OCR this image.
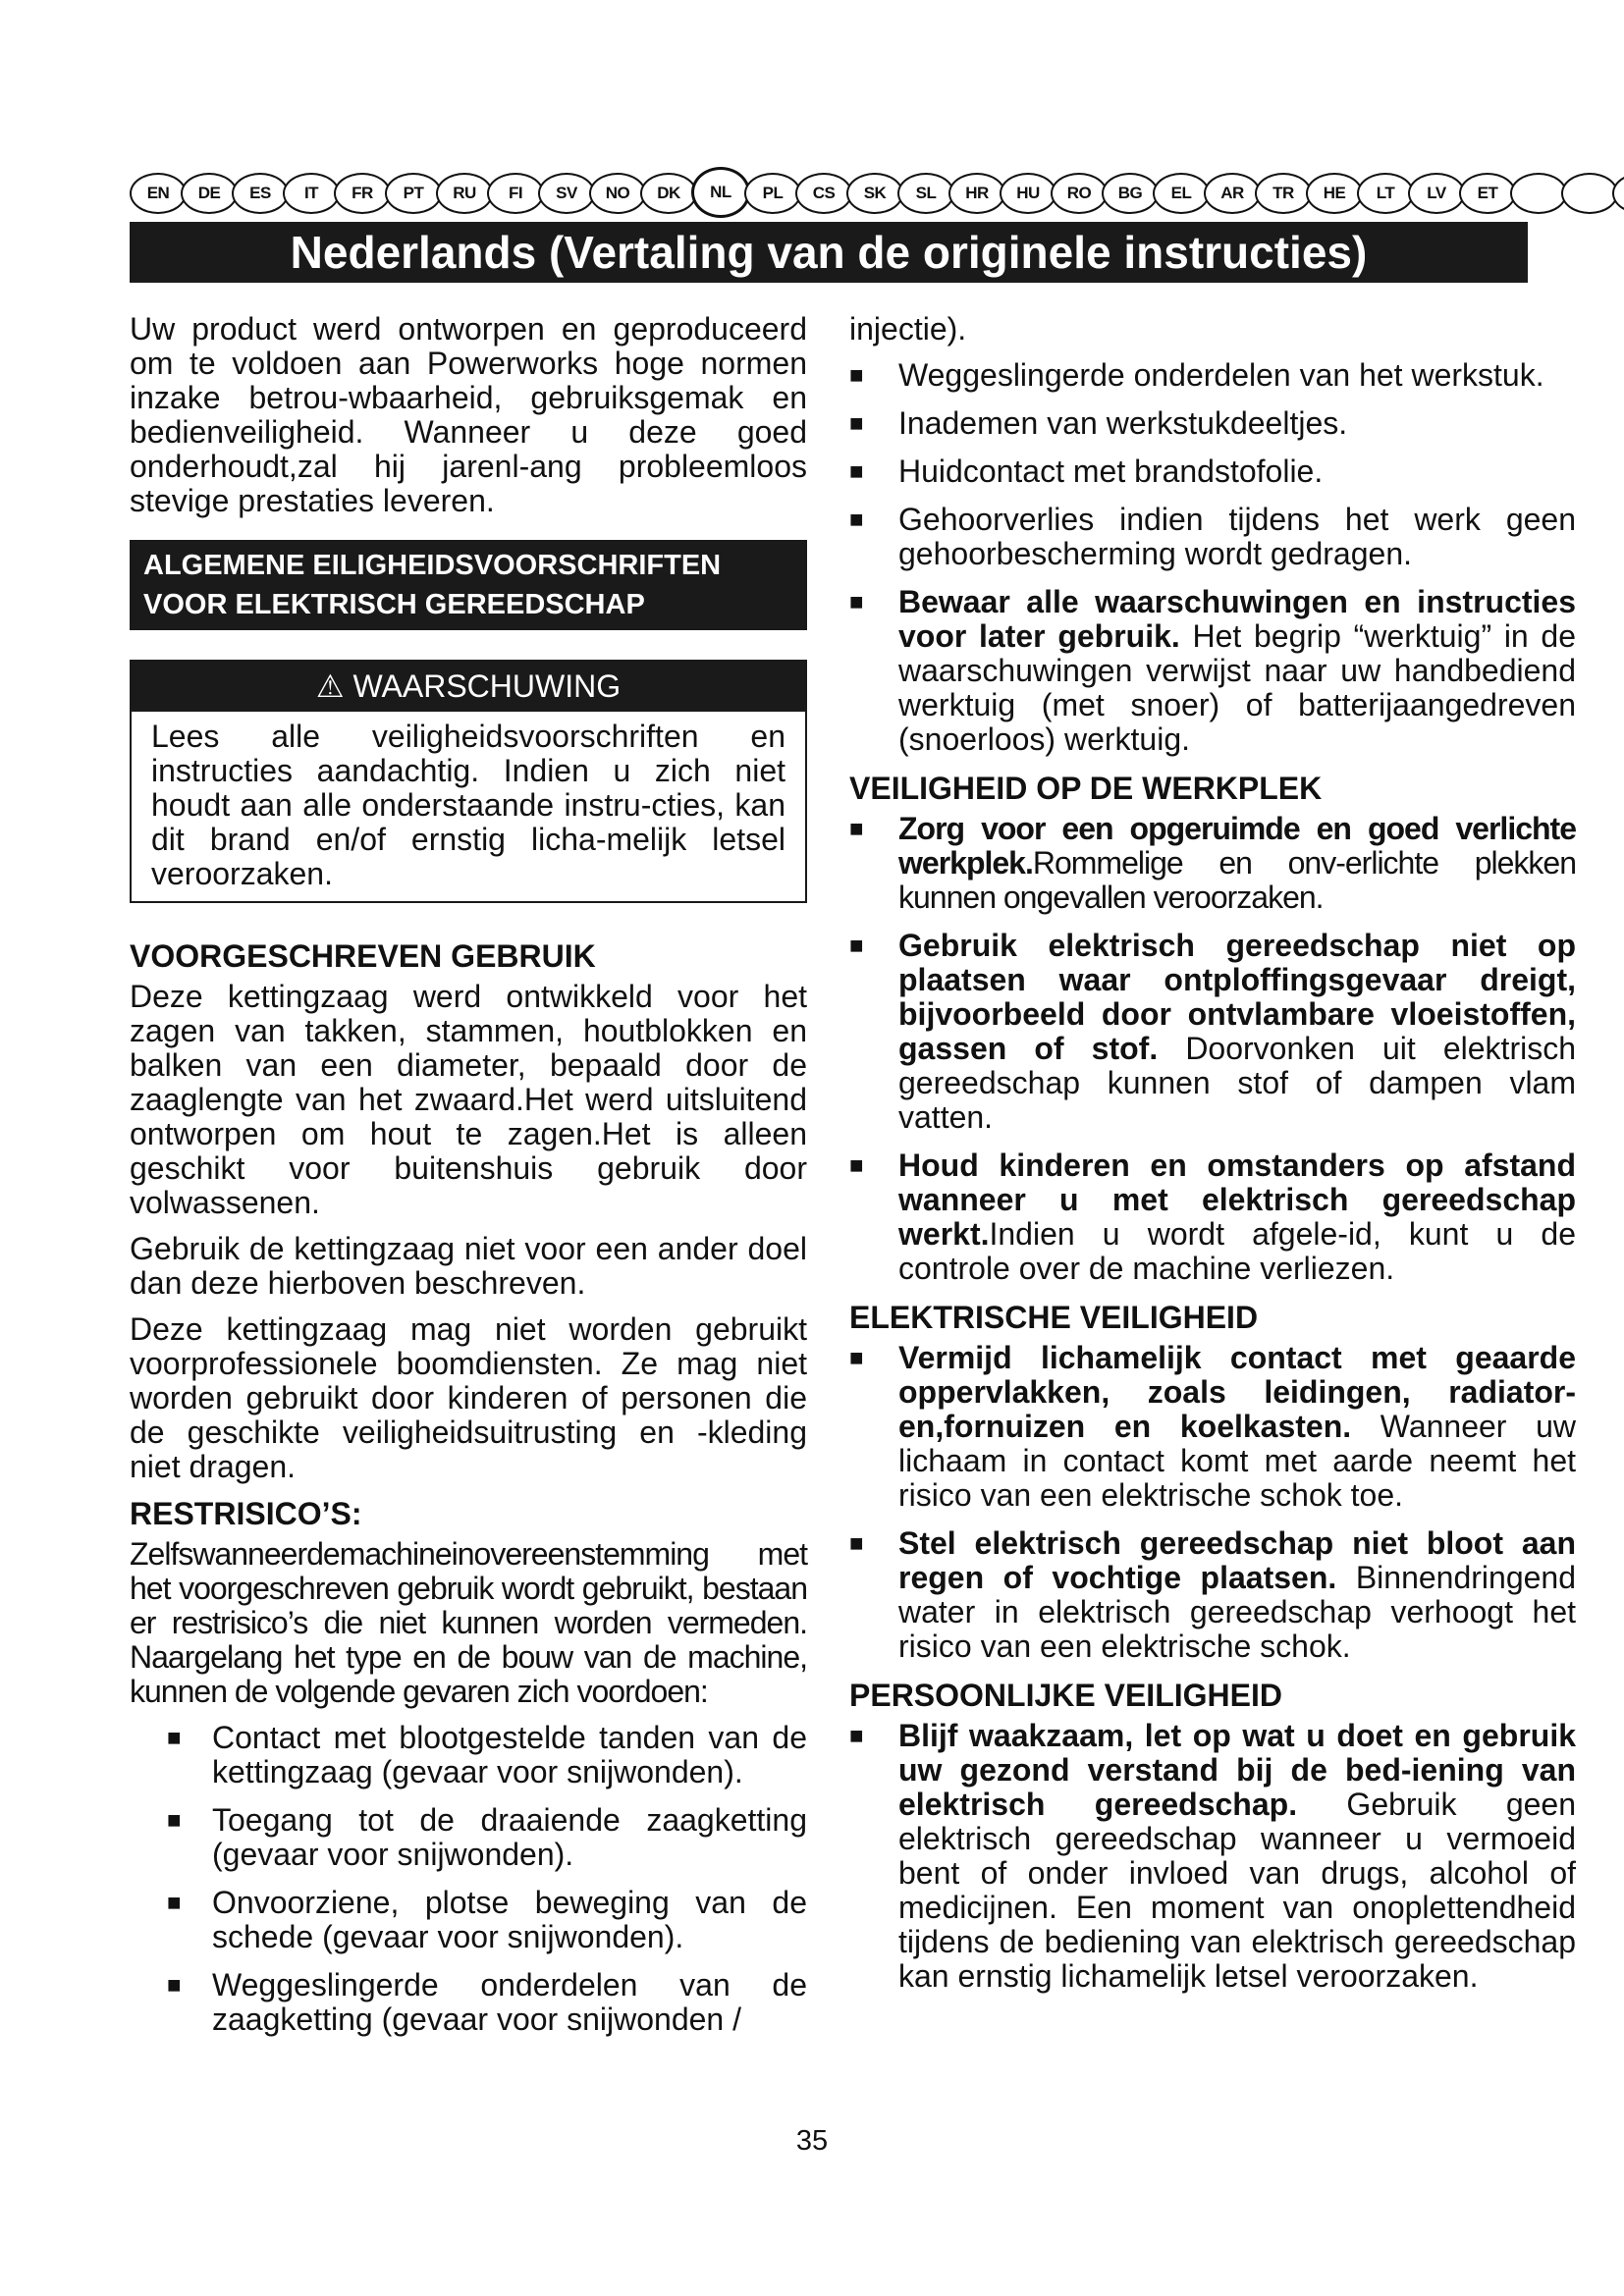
EN	DE	ES	IT	FR	PT	RU	FI	SV	NO	DK	NL	PL	CS	SK	SL	HR	HU	RO	BG	EL	AR	TR	HE	LT	LV	ET
Nederlands (Vertaling van de originele instructies)

Uw product werd ontworpen en geproduceerd om te voldoen aan Powerworks hoge normen inzake betrou-wbaarheid, gebruiksgemak en bedienveiligheid. Wanneer u deze goed onderhoudt,zal hij jarenl-ang probleemloos stevige prestaties leveren.

ALGEMENE EILIGHEIDSVOORSCHRIFTEN
VOOR ELEKTRISCH GEREEDSCHAP
⚠ WAARSCHUWING
Lees alle veiligheidsvoorschriften en instructies aandachtig. Indien u zich niet houdt aan alle onderstaande instru-cties, kan dit brand en/of ernstig licha-melijk letsel veroorzaken.
VOORGESCHREVEN GEBRUIK

Deze kettingzaag werd ontwikkeld voor het zagen van takken, stammen, houtblokken en balken van een diameter, bepaald door de zaaglengte van het zwaard.Het werd uitsluitend ontworpen om hout te zagen.Het is alleen geschikt voor buitenshuis gebruik door volwassenen.

Gebruik de kettingzaag niet voor een ander doel dan deze hierboven beschreven.

Deze kettingzaag mag niet worden gebruikt voorprofessionele boomdiensten. Ze mag niet worden gebruikt door kinderen of personen die de geschikte veiligheidsuitrusting en -kleding niet dragen.

RESTRISICO’S:

Zelfswanneerdemachineinovereenstemming met het voorgeschreven gebruik wordt gebruikt, bestaan er restrisico’s die niet kunnen worden vermeden. Naargelang het type en de bouw van de machine, kunnen de volgende gevaren zich voordoen:

■ Contact met blootgestelde tanden van de kettingzaag (gevaar voor snijwonden).
■ Toegang tot de draaiende zaagketting (gevaar voor snijwonden).
■ Onvoorziene, plotse beweging van de schede (gevaar voor snijwonden).
■ Weggeslingerde onderdelen van de zaagketting (gevaar voor snijwonden /

injectie).

■	Weggeslingerde onderdelen van het werkstuk.
■	Inademen van werkstukdeeltjes.
■	Huidcontact met brandstofolie.
■	Gehoorverlies indien tijdens het werk geen gehoorbescherming wordt gedragen.
■	Bewaar alle waarschuwingen en instructies voor later gebruik. Het begrip “werktuig” in de waarschuwingen verwijst naar uw handbediend werktuig (met snoer) of batterijaangedreven (snoerloos) werktuig.
VEILIGHEID OP DE WERKPLEK
■	Zorg voor een opgeruimde en goed verlichte werkplek.Rommelige en onv-erlichte plekken kunnen ongevallen veroorzaken.
■	Gebruik elektrisch gereedschap niet op plaatsen waar ontploffingsgevaar dreigt, bijvoorbeeld door ontvlambare vloeistoffen, gassen of stof. Doorvonken uit elektrisch gereedschap kunnen stof of dampen vlam vatten.
■	Houd kinderen en omstanders op afstand wanneer u met elektrisch gereedschap werkt.Indien u wordt afgele-id, kunt u de controle over de machine verliezen.
ELEKTRISCHE VEILIGHEID
■	Vermijd lichamelijk contact met geaarde oppervlakken, zoals leidingen, radiator-en,fornuizen en koelkasten. Wanneer uw lichaam in contact komt met aarde neemt het risico van een elektrische schok toe.
■	Stel elektrisch gereedschap niet bloot aan regen of vochtige plaatsen. Binnendringend water in elektrisch gereedschap verhoogt het risico van een elektrische schok.
PERSOONLIJKE VEILIGHEID
■	Blijf waakzaam, let op wat u doet en gebruik uw gezond verstand bij de bed-iening van elektrisch gereedschap. Gebruik geen elektrisch gereedschap wanneer u vermoeid bent of onder invloed van drugs, alcohol of medicijnen. Een moment van onoplettendheid tijdens de bediening van elektrisch gereedschap kan ernstig lichamelijk letsel veroorzaken.
35
